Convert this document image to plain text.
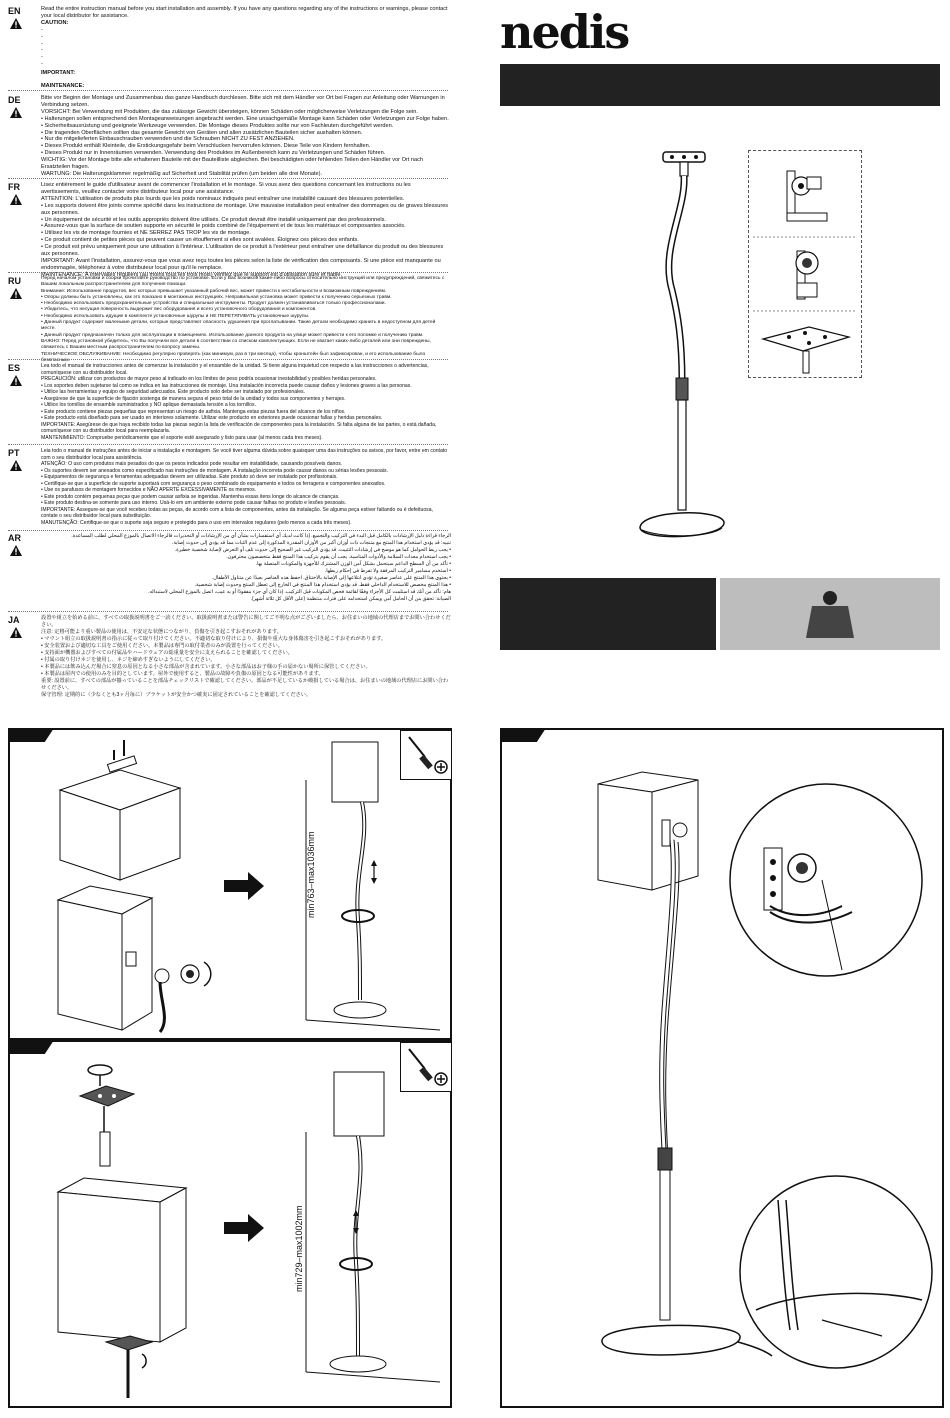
EN	Read the entire instruction manual before you start installation and assembly. If you have any questions regarding any of the instructions or warnings, please contact your local distributor for assistance.

CAUTION:

-

-

-

-

-

-

IMPORTANT:

MAINTENANCE:

DE	Bitte vor Beginn der Montage und Zusammenbau das ganze Handbuch durchlesen. Bitte sich mit dem Händler vor Ort bei Fragen zur Anleitung oder Warnungen in Verbindung setzen.

VORSICHT: Bei Verwendung mit Produkten, die das zulässige Gewicht übersteigen, können Schäden oder möglicherweise Verletzungen die Folge sein.

• Halterungen sollen entsprechend den Montageanweisungen angebracht werden. Eine unsachgemäße Montage kann Schäden oder Verletzungen zur Folge haben.

• Sicherheitsausrüstung und geeignete Werkzeuge verwenden. Die Montage dieses Produktes sollte nur von Fachleuten durchgeführt werden.

• Die tragenden Oberflächen sollten das gesamte Gewicht von Geräten und allen zusätzlichen Bauteilen sicher aushalten können.

• Nur die mitgelieferten Einbauschrauben verwenden und die Schrauben NICHT ZU FEST ANZIEHEN.

• Dieses Produkt enthält Kleinteile, die Erstickungsgefahr beim Verschlucken hervorrufen können. Diese Teile von Kindern fernhalten.

• Dieses Produkt nur in Innenräumen verwenden. Verwendung des Produktes im Außenbereich kann zu Verletzungen und Schäden führen.

WICHTIG: Vor der Montage bitte alle erhaltenen Bauteile mit der Bauteilliste abgleichen. Bei beschädigten oder fehlenden Teilen den Händler vor Ort nach Ersatzteilen fragen.

WARTUNG: Die Halterungsklammer regelmäßig auf Sicherheit und Stabilität prüfen (um beiden alle drei Monate).

FR	Lisez entièrement le guide d'utilisateur avant de commencer l'installation et le montage. Si vous avez des questions concernant les instructions ou les avertissements, veuillez contacter votre distributeur local pour une assistance.

ATTENTION: L'utilisation de produits plus lourds que les poids nominaux indiqués peut entraîner une instabilité causant des blessures potentielles.

• Les supports doivent être joints comme spécifié dans les instructions de montage. Une mauvaise installation peut entraîner des dommages ou de graves blessures aux personnes.

• Un équipement de sécurité et les outils appropriés doivent être utilisés. Ce produit devrait être installé uniquement par des professionnels.

• Assurez-vous que la surface de soutien supporte en sécurité le poids combiné de l'équipement et de tous les matériaux et composantes associés.

• Utilisez les vis de montage fournies et NE SERREZ PAS TROP les vis de montage.

• Ce produit contient de petites pièces qui peuvent causer un étouffement si elles sont avalées. Éloignez ces pièces des enfants.

• Ce produit est prévu uniquement pour une utilisation à l'intérieur. L'utilisation de ce produit à l'extérieur peut entraîner une défaillance du produit ou des blessures aux personnes.

IMPORTANT: Avant l'installation, assurez-vous que vous avez reçu toutes les pièces selon la liste de vérification des composants. Si une pièce est manquante ou endommagée, téléphonez à votre distributeur local pour qu'il le remplace.

MAINTENANCE: À intervalles réguliers (au moins tous les trois mois) vérifiez que le support est d'utilisation sûre et fiable.

RU	Перед началом установки и сборки прочитайте руководство по установке. Если у Вас возникли какие-либо вопросы относительно инструкций или предупреждений, свяжитесь с Вашим локальным распространителем для получения помощи.

Внимание: Использование продуктов, вес которых превышает указанный рабочий вес, может привести к нестабильности и возможным повреждениям.

• Опоры должны быть установлены, как это показано в монтажных инструкциях. Неправильная установка может привести к получению серьезных травм.

• Необходимо использовать предохранительные устройства и специальные инструменты. Продукт должен устанавливаться только профессионалами.

• Убедитесь, что несущая поверхность выдержит вес оборудования и всего установочного оборудования и компонентов.

• Необходимо использовать идущие в комплекте установочные шурупы и НЕ ПЕРЕТЯГИВАТЬ установочные шурупы.

• Данный продукт содержит маленькие детали, которые представляют опасность удушения при проглатывании. Такие детали необходимо хранить в недоступном для детей месте.

• Данный продукт предназначен только для эксплуатации в помещениях. Использование данного продукта на улице может привести к его поломке и получению травм.

ВАЖНО: Перед установкой убедитесь, что Вы получили все детали в соответствии со списком комплектующих. Если не хватает каких-либо деталей или они повреждены, свяжитесь с Вашим местным распространителем по вопросу замены.

ТЕХНИЧЕСКОЕ ОБСЛУЖИВАНИЕ: Необходимо регулярно проверять (как минимум, раз в три месяца), чтобы кронштейн был зафиксирован, и его использование было безопасным.

ES	Lea todo el manual de instrucciones antes de comenzar la instalación y el ensamble de la unidad. Si tiene alguna inquietud con respecto a las instrucciones o advertencias, comuníquese con su distribuidor local.

PRECAUCIÓN: utilizar con productos de mayor peso al indicado en los límites de peso podría ocasionar inestabilidad y posibles heridas personales.

• Los soportes deben sujetarse tal como se indica en las instrucciones de montaje. Una instalación incorrecta puede causar daños y lesiones graves a las personas.

• Utilice las herramientas y equipo de seguridad adecuados. Este producto solo debe ser instalado por profesionales.

• Asegúrese de que la superficie de fijación sostenga de manera segura el peso total de la unidad y todos sus componentes y herrajes.

• Utilice los tornillos de ensamble suministrados y NO aplique demasiada tensión a los tornillos.

• Este producto contiene piezas pequeñas que representan un riesgo de asfixia. Mantenga estas piezas fuera del alcance de los niños.

• Este producto está diseñado para ser usado en interiores solamente. Utilizar este producto en exteriores puede ocasionar fallas y heridas personales.

IMPORTANTE: Asegúrese de que haya recibido todas las piezas según la lista de verificación de componentes para la instalación. Si falta alguna de las partes, o está dañada, comuníquese con su distribuidor local para reemplazarla.

MANTENIMIENTO: Compruebe periódicamente que el soporte esté asegurado y listo para usar (al menos cada tres meses).

PT	Leia todo o manual de instruções antes de iniciar a instalação e montagem. Se você tiver alguma dúvida sobre quaisquer uma das instruções ou avisos, por favor, entre em contato com o seu distribuidor local para assistência.

ATENÇÃO: O uso com produtos mais pesados do que os pesos indicados pode resultar em instabilidade, causando possíveis danos.

• Os suportes devem ser anexados como especificado nas instruções de montagem. A instalação incorreta pode causar danos ou sérias lesões pessoais.

• Equipamentos de segurança e ferramentas adequadas devem ser utilizadas. Este produto só deve ser instalado por profissionais.

• Certifique-se que a superfície de suporte suportará com segurança o peso combinado do equipamento e todos os ferragens e componentes anexados.

• Use os parafusos de montagem fornecidos e NÃO APERTE EXCESSIVAMENTE os mesmos.

• Este produto contém pequenas peças que podem causar asfixia se ingeridas. Mantenha essas itens longe do alcance de crianças.

• Este produto destina-se somente para uso interno. Usá-lo em um ambiente externo pode causar falhas no produto e lesões pessoais.

IMPORTANTE: Assegure-se que você recebeu todas as peças, de acordo com a lista de componentes, antes da instalação. Se alguma peça estiver faltando ou é defeituosa, contate o seu distribuidor local para substituição.

MANUTENÇÃO: Certifique-se que o suporte seja seguro e protegido para o uso em intervalos regulares (pelo menos a cada três meses).

AR	الرجاء قراءة دليل الإرشادات بالكامل قبل البدء في التركيب والتجميع. إذا كانت لديك أي استفسارات بشأن أي من الإرشادات أو التحذيرات فالرجاء الاتصال بالموزع المحلي لطلب المساعدة.

تنبيه: قد يؤدي استخدام هذا المنتج مع منتجات ذات أوزان أكبر من الأوزان المقدرة المذكورة إلى عدم الثبات مما قد يؤدي إلى حدوث إصابة.

• يجب ربط الحوامل كما هو موضح في إرشادات التثبيت. قد يؤدي التركيب غير الصحيح إلى حدوث تلف أو التعرض لإصابة شخصية خطيرة.

• يجب استخدام معدات السلامة والأدوات المناسبة. يجب أن يقوم بتركيب هذا المنتج فقط متخصصون محترفون.

• تأكد من أن السطح الداعم سيتحمل بشكل آمن الوزن المشترك للأجهزة والمكونات المتصلة بها.

• استخدم مسامير التركيب المرفقة ولا تفرط في إحكام ربطها.

• يحتوي هذا المنتج على عناصر صغيرة تؤدي ابتلاعها إلى الإصابة بالاختناق. احفظ هذه العناصر بعيدًا عن متناول الأطفال.

• هذا المنتج مخصص للاستخدام الداخلي فقط. قد يؤدي استخدام هذا المنتج في الخارج إلى تعطل المنتج وحدوث إصابة شخصية.

هام: تأكد من أنك قد استلمت كل الأجزاء وفقًا لقائمة فحص المكونات قبل التركيب. إذا كان أي جزء مفقودًا أو به عيب، اتصل بالموزع المحلي لاستبداله.

الصيانة: تحقق من أن الحامل آمن ويمكن استخدامه على فترات منتظمة (على الأقل كل ثلاثة أشهر).

JA	設置や組立を始める前に、すべての取扱説明書をご一読ください。取扱説明書または警告に関してご不明な点がございましたら、お住まいの地域の代理店までお問い合わせください。

注意: 定格可能より重い製品の使用は、不安定な状態につながり、負傷を引き起こすおそれがあります。

• マウント組立の取扱説明書の指示に従って取り付けてください。不適切な取り付けにより、損傷や重大な身体傷害を引き起こすおそれがあります。

• 安全装置および適切な工具をご使用ください。本製品は専門の取付業者のみが設置を行ってください。

• 支持面が機器およびすべての付属品やハードウェアの総重量を安全に支えられることを確認してください。

• 付属の取り付けネジを使用し、ネジを締めすぎないようにしてください。

• 本製品には飲み込んだ場合に窒息の原因となる小さな部品が含まれています。小さな部品はお子様の手の届かない場所に保管してください。

• 本製品は屋内での使用のみを目的としています。屋外で使用すると、製品の故障や負傷の原因となる可能性があります。

重要: 設置前に、すべての部品が揃っていることを部品チェックリストで確認してください。部品が不足しているか破損している場合は、お住まいの地域の代理店にお問い合わせください。

保守管理: 定期的に（少なくとも3ヶ月毎に）ブラケットが安全かつ確実に固定されていることを確認してください。

nedis
min763–max1036mm
min729–max1002mm
